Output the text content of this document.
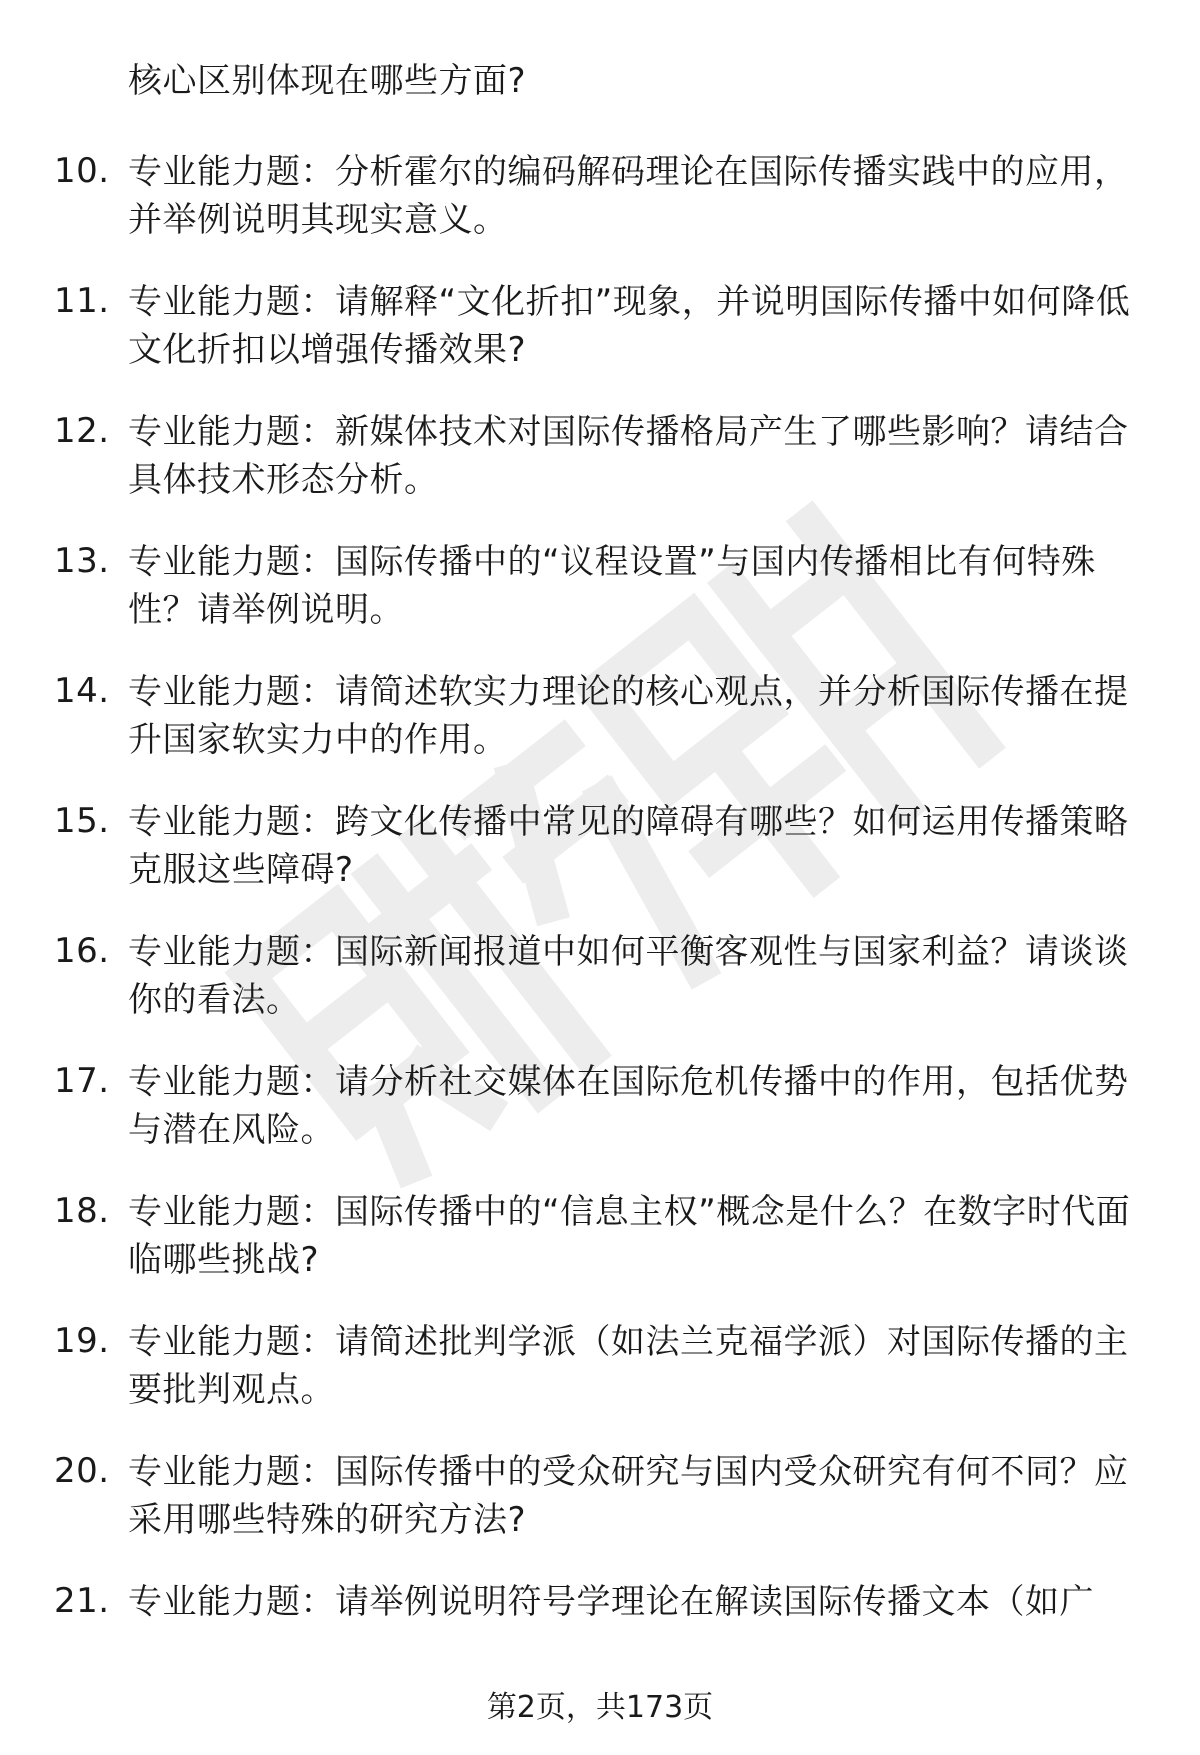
核心区别体现在哪些方面?
10. 专业能力题：分析霍尔的编码解码理论在国际传播实践中的应用，并举例说明其现实意义。
11. 专业能力题：请解释“文化折扣”现象，并说明国际传播中如何降低文化折扣以增强传播效果?
12. 专业能力题：新媒体技术对国际传播格局产生了哪些影响？请结合具体技术形态分析。
13. 专业能力题：国际传播中的“议程设置”与国内传播相比有何特殊性？请举例说明。
14. 专业能力题：请简述软实力理论的核心观点，并分析国际传播在提升国家软实力中的作用。
15. 专业能力题：跨文化传播中常见的障碍有哪些？如何运用传播策略克服这些障碍?
16. 专业能力题：国际新闻报道中如何平衡客观性与国家利益？请谈谈你的看法。
17. 专业能力题：请分析社交媒体在国际危机传播中的作用，包括优势与潜在风险。
18. 专业能力题：国际传播中的“信息主权”概念是什么？在数字时代面临哪些挑战?
19. 专业能力题：请简述批判学派（如法兰克福学派）对国际传播的主要批判观点。
20. 专业能力题：国际传播中的受众研究与国内受众研究有何不同？应采用哪些特殊的研究方法?
21. 专业能力题：请举例说明符号学理论在解读国际传播文本（如广
第2页，共173页
